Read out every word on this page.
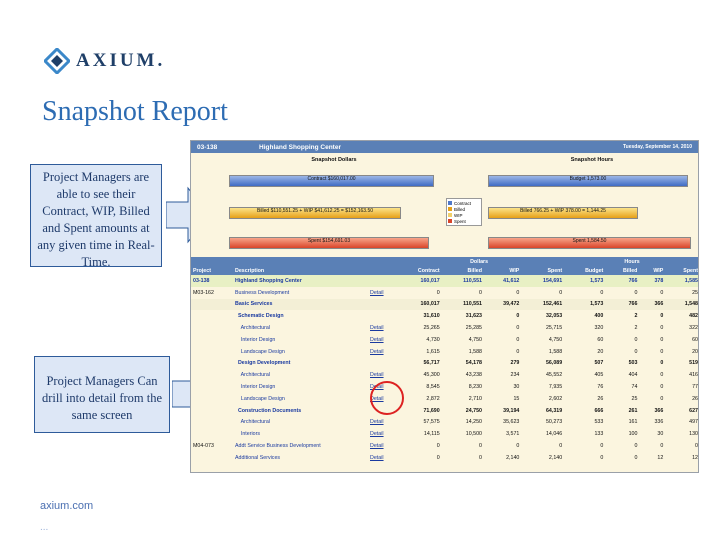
AXIUM.
Snapshot Report
Project Managers are able to see their Contract, WIP, Billed and Spent amounts at any given time in Real-Time.
Project Managers Can drill into detail from the same screen
03-138	Highland Shopping Center	Tuesday, September 14, 2010
Snapshot Dollars
Contract $160,017.00
Billed $110,551.25 + WIP $41,612.25 = $152,163.50
Spent $154,691.03
Contract
Billed
WIP
Spent
Snapshot Hours
Budget 1,573.00
Billed 766.25 + WIP 378.00 = 1,144.25
Spent 1,584.50
			Dollars				Hours			
Project	Description		Contract	Billed	WIP	Spent	Budget	Billed	WIP	Spent
03-138	Highland Shopping Center		160,017	110,551	41,612	154,691	1,573	766	378	1,585
M03-162	Business Development	Detail	0	0	0	0	0	0	0	25
	Basic Services		160,017	110,551	39,472	152,461	1,573	766	366	1,548
	Schematic Design		31,610	31,623	0	32,053	400	2	0	482
	Architectural	Detail	25,265	25,285	0	25,715	320	2	0	322
	Interior Design	Detail	4,730	4,750	0	4,750	60	0	0	60
	Landscape Design	Detail	1,615	1,588	0	1,588	20	0	0	20
	Design Development		56,717	54,178	279	56,089	507	503	0	519
	Architectural	Detail	45,300	43,238	234	45,552	405	404	0	416
	Interior Design	Detail	8,545	8,230	30	7,935	76	74	0	77
	Landscape Design	Detail	2,872	2,710	15	2,602	26	25	0	26
	Construction Documents		71,690	24,750	39,194	64,319	666	261	366	627
	Architectural	Detail	57,575	14,250	35,623	50,273	533	161	336	497
	Interiors	Detail	14,115	10,500	3,571	14,046	133	100	30	130
M04-073	Addt Service Business Development	Detail	0	0	0	0	0	0	0	0
	Additional Services	Detail	0	0	2,140	2,140	0	0	12	12
axium.com
...
